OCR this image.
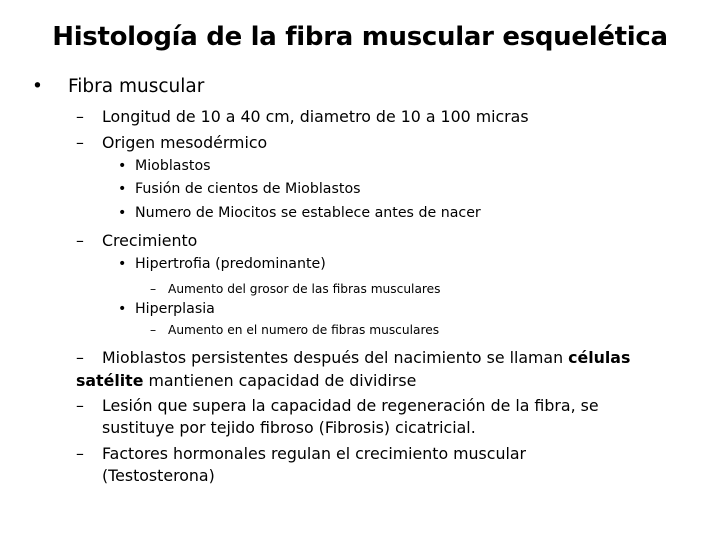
Histología de la fibra muscular esquelética
• Fibra muscular
– Longitud de 10 a 40 cm, diametro de 10 a 100 micras
– Origen mesodérmico
• Mioblastos
• Fusión de cientos de Mioblastos
• Numero de Miocitos se establece antes de nacer
– Crecimiento
• Hipertrofia (predominante)
– Aumento del grosor de las fibras musculares
• Hiperplasia
– Aumento en el numero de fibras musculares
– Mioblastos persistentes después del nacimiento se llaman células satélite mantienen capacidad de dividirse
– Lesión que supera la capacidad de regeneración de la fibra, se
sustituye por tejido fibroso (Fibrosis) cicatricial.
– Factores hormonales regulan el crecimiento muscular
(Testosterona)
